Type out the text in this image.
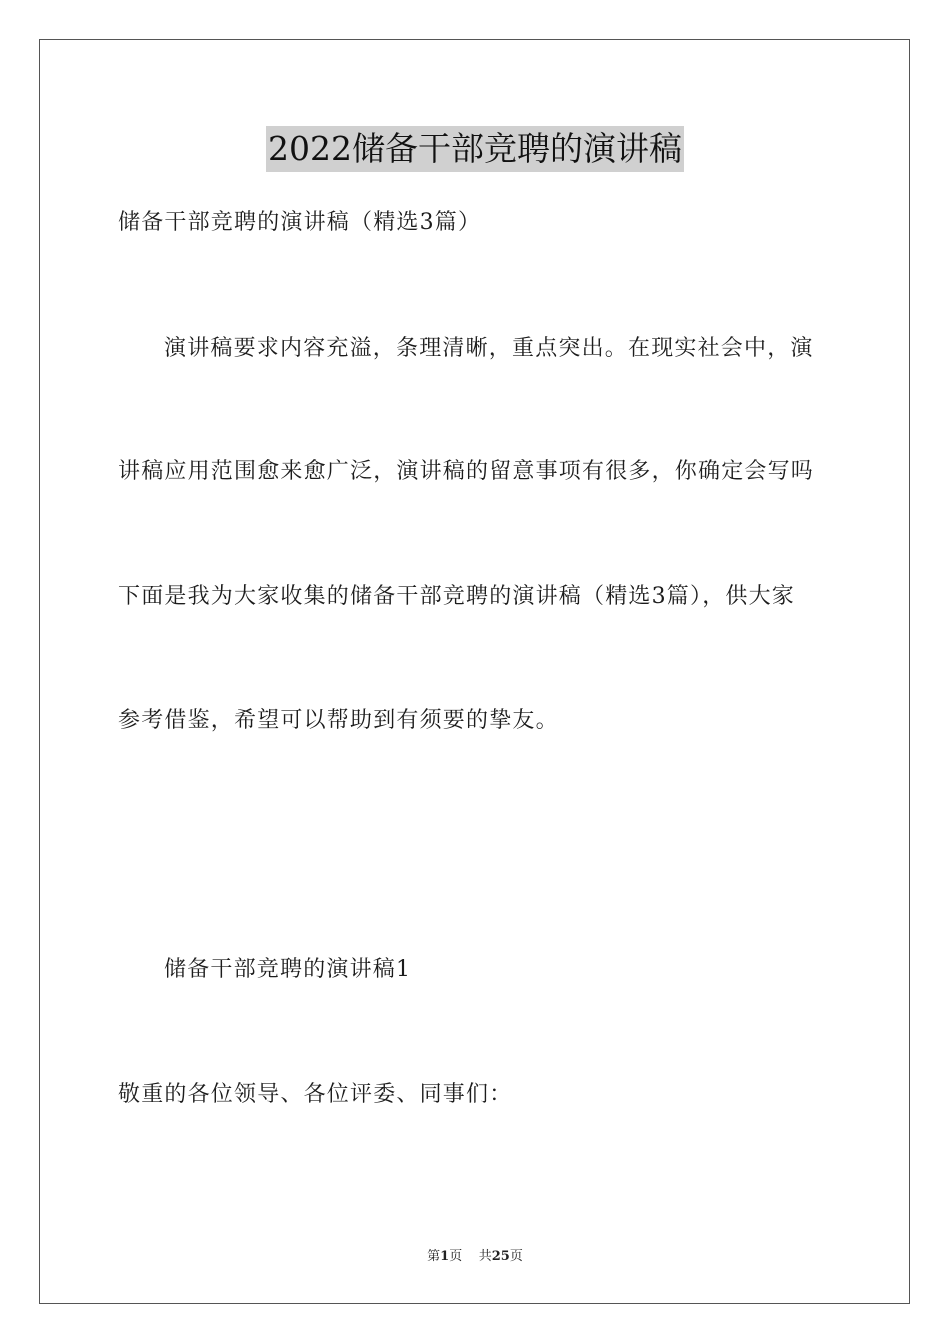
2022储备干部竞聘的演讲稿
储备干部竞聘的演讲稿（精选3篇）
演讲稿要求内容充溢，条理清晰，重点突出。在现实社会中，演
讲稿应用范围愈来愈广泛，演讲稿的留意事项有很多，你确定会写吗
下面是我为大家收集的储备干部竞聘的演讲稿（精选3篇），供大家
参考借鉴，希望可以帮助到有须要的挚友。
储备干部竞聘的演讲稿1
敬重的各位领导、各位评委、同事们：
第1页 共25页
